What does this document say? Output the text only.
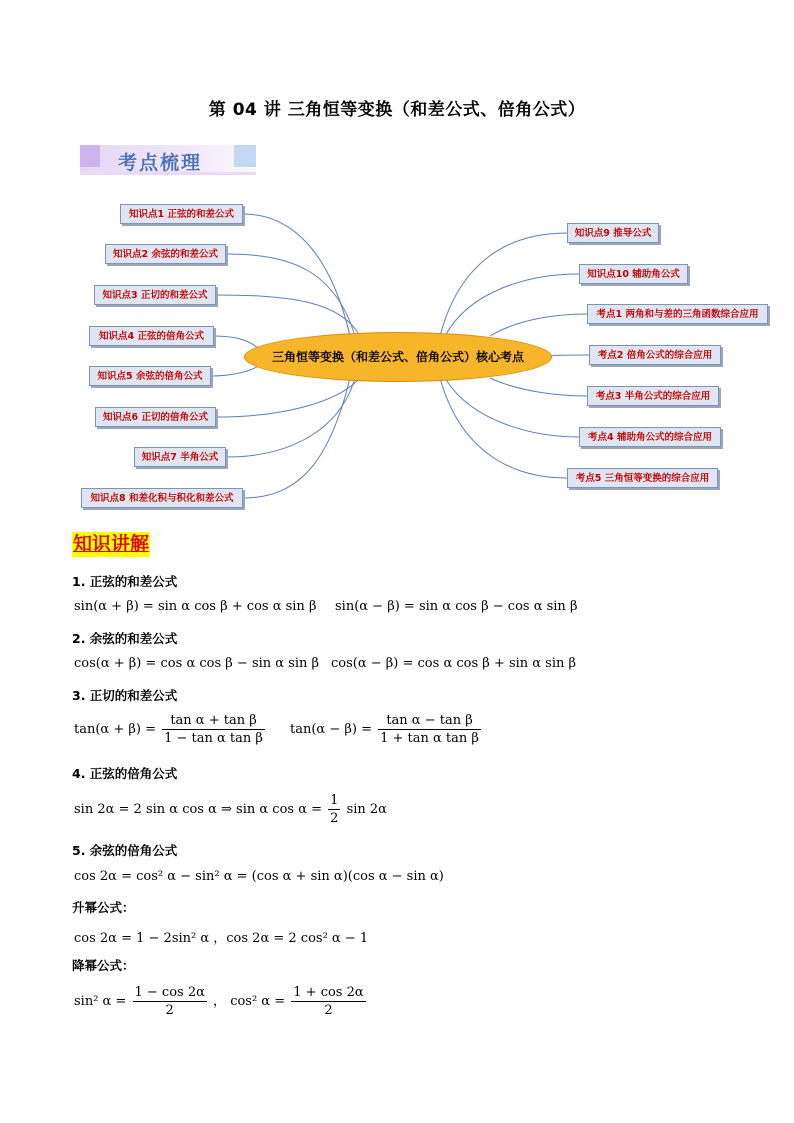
第 04 讲 三角恒等变换（和差公式、倍角公式）
考点梳理
知识点1 正弦的和差公式
知识点2 余弦的和差公式
知识点3 正切的和差公式
知识点4 正弦的倍角公式
知识点5 余弦的倍角公式
知识点6 正切的倍角公式
知识点7 半角公式
知识点8 和差化积与积化和差公式
知识点9 推导公式
知识点10 辅助角公式
考点1 两角和与差的三角函数综合应用
考点2 倍角公式的综合应用
考点3 半角公式的综合应用
考点4 辅助角公式的综合应用
考点5 三角恒等变换的综合应用
三角恒等变换（和差公式、倍角公式）核心考点
知识讲解
1. 正弦的和差公式
sin(α + β) = sin α cos β + cos α sin β sin(α − β) = sin α cos β − cos α sin β
2. 余弦的和差公式
cos(α + β) = cos α cos β − sin α sin β cos(α − β) = cos α cos β + sin α sin β
3. 正切的和差公式
$\tan(\alpha + \beta) = \frac{\text{tan α + tan β}}{\text{1 − tan α tan β}} \tan(\alpha - \beta) = \frac{\text{tan α − tan β}}{\text{1 + tan α tan β}}$
4. 正弦的倍角公式
sin 2α = 2 sin α cos α ⇒ sin α $\cos \alpha = \frac{1}{2}$ sin 2α
5. 余弦的倍角公式
cos 2α = cos² α − sin² α = (cos α + sin α)(cos α − sin α)
升幂公式：
cos 2α = 1 − 2sin² α ，cos 2α = 2 cos² α − 1
降幂公式：
sin² $\alpha = \frac{1 - \cos 2\alpha}{2}$ ， cos² $\alpha = \frac{1 + \cos 2\alpha}{2}$
